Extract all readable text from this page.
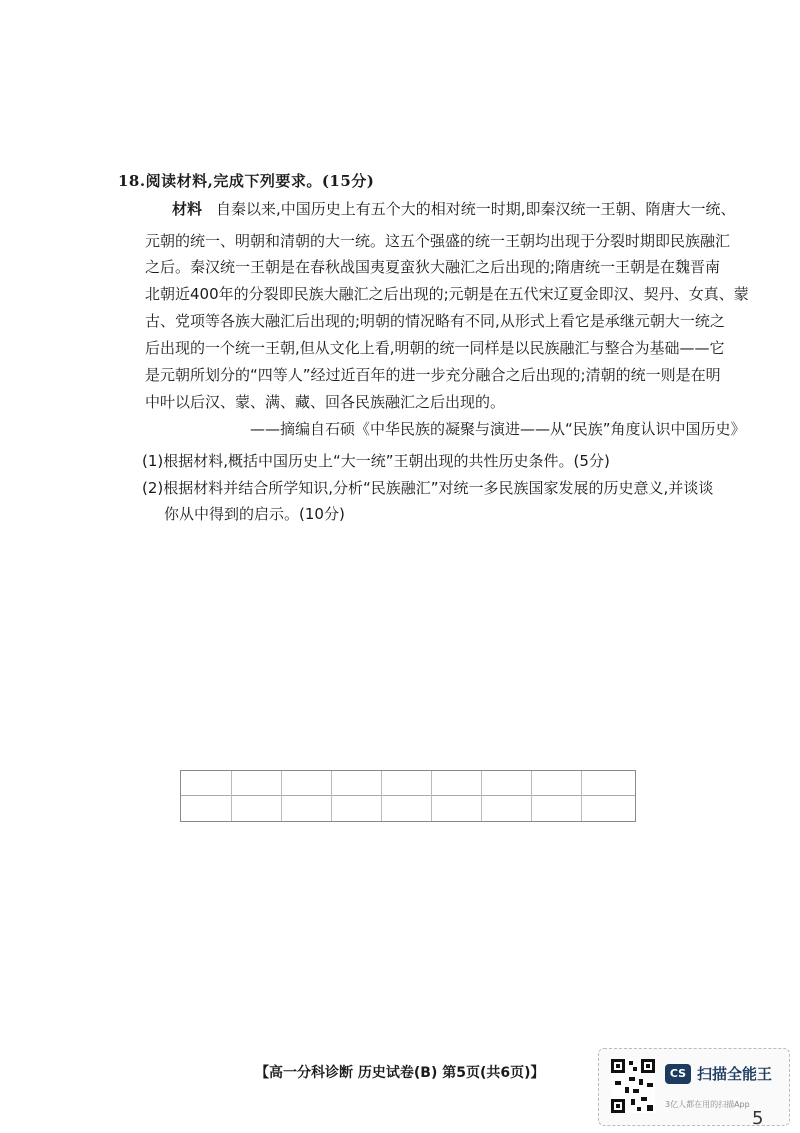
18.阅读材料,完成下列要求。(15分)
材料 自秦以来,中国历史上有五个大的相对统一时期,即秦汉统一王朝、隋唐大一统、
元朝的统一、明朝和清朝的大一统。这五个强盛的统一王朝均出现于分裂时期即民族融汇
之后。秦汉统一王朝是在春秋战国夷夏蛮狄大融汇之后出现的;隋唐统一王朝是在魏晋南
北朝近400年的分裂即民族大融汇之后出现的;元朝是在五代宋辽夏金即汉、契丹、女真、蒙
古、党项等各族大融汇后出现的;明朝的情况略有不同,从形式上看它是承继元朝大一统之
后出现的一个统一王朝,但从文化上看,明朝的统一同样是以民族融汇与整合为基础——它
是元朝所划分的“四等人”经过近百年的进一步充分融合之后出现的;清朝的统一则是在明
中叶以后汉、蒙、满、藏、回各民族融汇之后出现的。
——摘编自石硕《中华民族的凝聚与演进——从“民族”角度认识中国历史》
(1)根据材料,概括中国历史上“大一统”王朝出现的共性历史条件。(5分)
(2)根据材料并结合所学知识,分析“民族融汇”对统一多民族国家发展的历史意义,并谈谈
你从中得到的启示。(10分)
【高一分科诊断 历史试卷(B) 第5页(共6页)】	CS 扫描全能王
3亿人都在用的扫描App
5
